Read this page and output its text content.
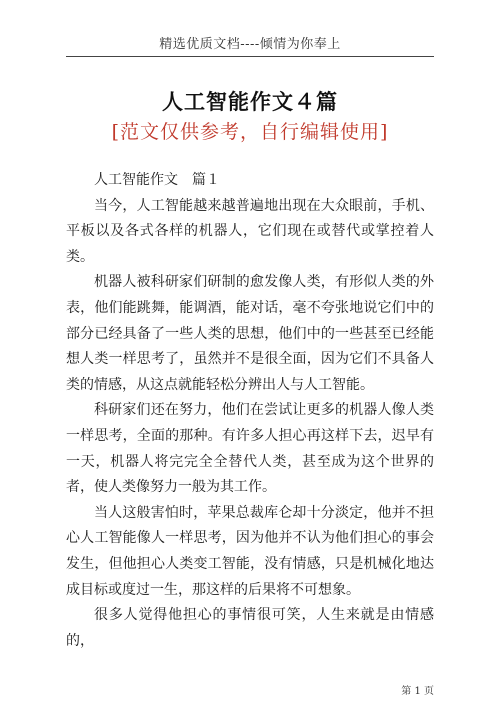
精选优质文档----倾情为你奉上
人工智能作文４篇
[范文仅供参考，自行编辑使用]

人工智能作文　篇１

当今，人工智能越来越普遍地出现在大众眼前，手机、平板以及各式各样的机器人，它们现在或替代或掌控着人类。

机器人被科研家们研制的愈发像人类，有形似人类的外表，他们能跳舞，能调酒，能对话，毫不夸张地说它们中的部分已经具备了一些人类的思想，他们中的一些甚至已经能想人类一样思考了，虽然并不是很全面，因为它们不具备人类的情感，从这点就能轻松分辨出人与人工智能。

科研家们还在努力，他们在尝试让更多的机器人像人类一样思考，全面的那种。有许多人担心再这样下去，迟早有一天，机器人将完完全全替代人类，甚至成为这个世界的者，使人类像努力一般为其工作。

当人这般害怕时，苹果总裁库仑却十分淡定，他并不担心人工智能像人一样思考，因为他并不认为他们担心的事会发生，但他担心人类变工智能，没有情感，只是机械化地达成目标或度过一生，那这样的后果将不可想象。

很多人觉得他担心的事情很可笑，人生来就是由情感的，

第 1 页
